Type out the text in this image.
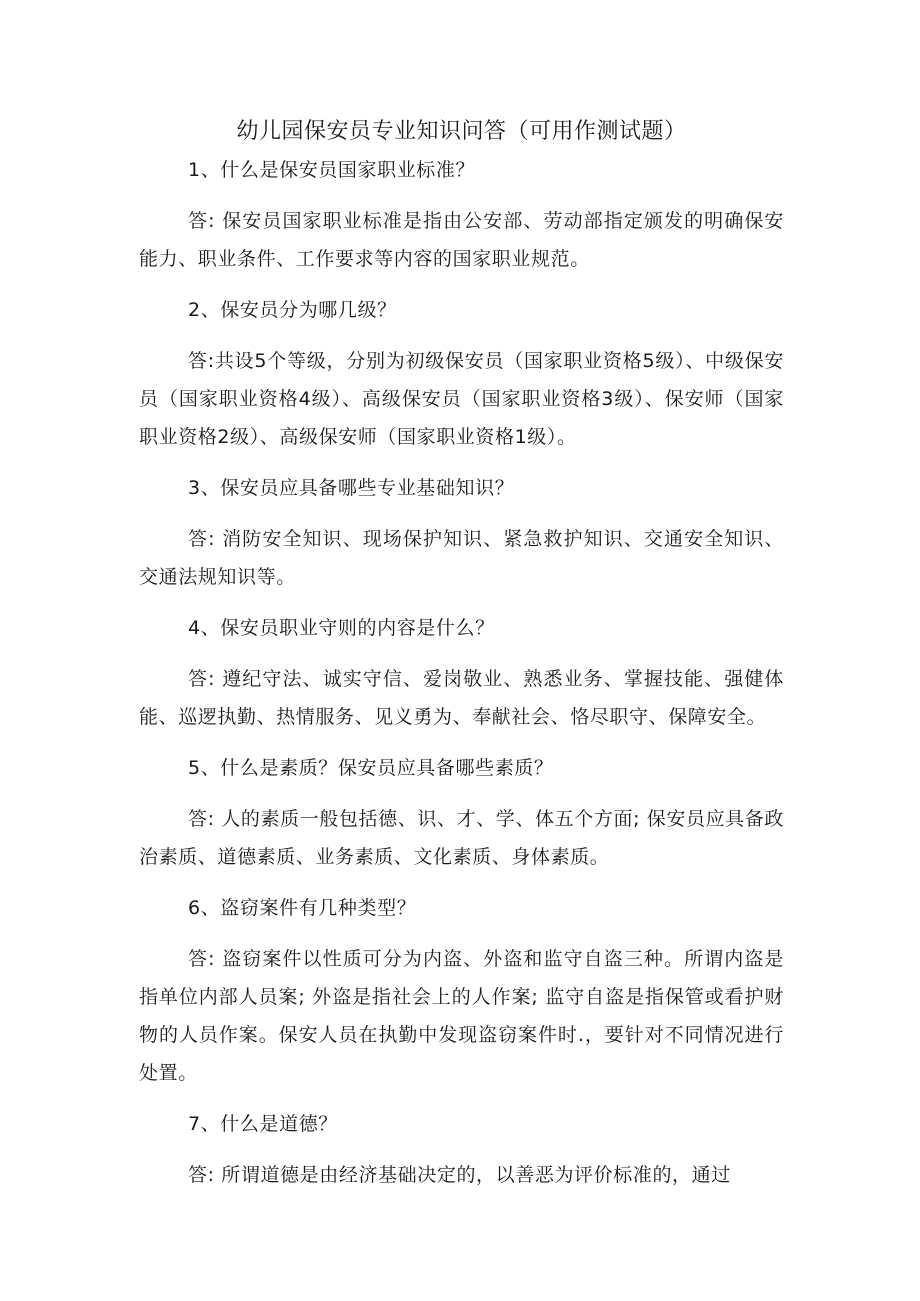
幼儿园保安员专业知识问答（可用作测试题）

1、什么是保安员国家职业标准？

答: 保安员国家职业标准是指由公安部、劳动部指定颁发的明确保安能力、职业条件、工作要求等内容的国家职业规范。

2、保安员分为哪几级？

答:共设5个等级，分别为初级保安员（国家职业资格5级）、中级保安员（国家职业资格4级）、高级保安员（国家职业资格3级）、保安师（国家职业资格2级）、高级保安师（国家职业资格1级）。

3、保安员应具备哪些专业基础知识？

答: 消防安全知识、现场保护知识、紧急救护知识、交通安全知识、交通法规知识等。

4、保安员职业守则的内容是什么？

答: 遵纪守法、诚实守信、爱岗敬业、熟悉业务、掌握技能、强健体能、巡逻执勤、热情服务、见义勇为、奉献社会、恪尽职守、保障安全。

5、什么是素质？保安员应具备哪些素质？

答: 人的素质一般包括德、识、才、学、体五个方面; 保安员应具备政治素质、道德素质、业务素质、文化素质、身体素质。

6、盗窃案件有几种类型？

答: 盗窃案件以性质可分为内盗、外盗和监守自盗三种。所谓内盗是指单位内部人员案; 外盗是指社会上的人作案; 监守自盗是指保管或看护财物的人员作案。保安人员在执勤中发现盗窃案件时.，要针对不同情况进行处置。

7、什么是道德？

答: 所谓道德是由经济基础决定的，以善恶为评价标准的，通过
